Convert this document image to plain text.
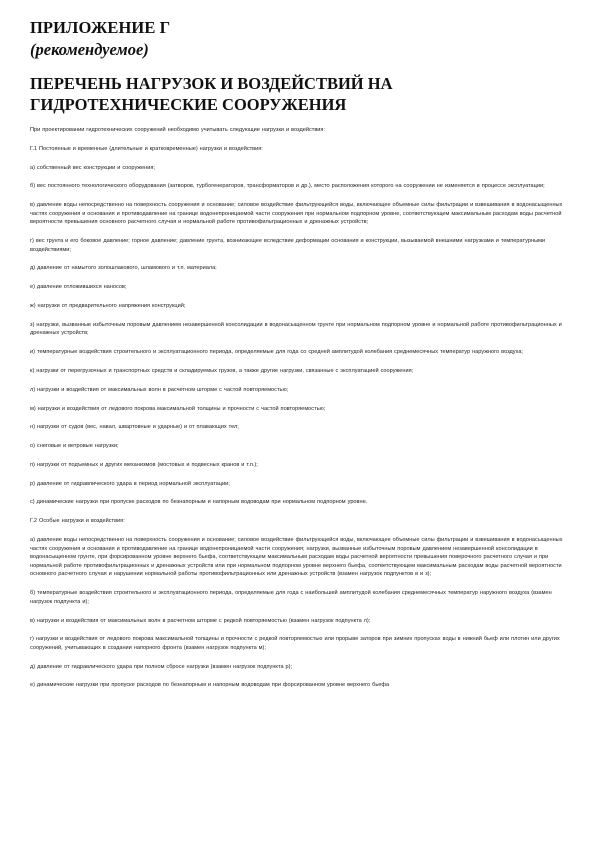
ПРИЛОЖЕНИЕ Г
(рекомендуемое)
ПЕРЕЧЕНЬ НАГРУЗОК И ВОЗДЕЙСТВИЙ НА ГИДРОТЕХНИЧЕСКИЕ СООРУЖЕНИЯ

При проектировании гидротехнических сооружений необходимо учитывать следующие нагрузки и воздействия:

Г.1 Постоянные и временные (длительные и кратковременные) нагрузки и воздействия:

а) собственный вес конструкции и сооружения;

б) вес постоянного технологического оборудования (затворов, турбогенераторов, трансформаторов и др.), место расположения которого на сооружении не изменяется в процессе эксплуатации;

в) давление воды непосредственно на поверхность сооружения и основание; силовое воздействие фильтрующейся воды, включающее объемные силы фильтрации и взвешивания в водонасыщенных частях сооружения и основания и противодавление на границе водонепроницаемой части сооружения при нормальном подпорном уровне, соответствующем максимальным расходам воды расчетной вероятности превышения основного расчетного случая и нормальной работе противофильтрационных и дренажных устройств;

г) вес грунта и его боковое давление; горное давление; давление грунта, возникающее вследствие деформации основания и конструкции, вызываемой внешними нагрузками и температурными воздействиями;

д) давление от намытого золошлакового, шламового и т.п. материала;

е) давление отложившихся наносов;

ж) нагрузки от предварительного напряжения конструкций;

з) нагрузки, вызванные избыточным поровым давлением незавершенной консолидации в водонасыщенном грунте при нормальном подпорном уровне и нормальной работе противофильтрационных и дренажных устройств;

и) температурные воздействия строительного и эксплуатационного периода, определяемые для года со средней амплитудой колебания среднемесячных температур наружного воздуха;

к) нагрузки от перегрузочных и транспортных средств и складируемых грузов, а также другие нагрузки, связанные с эксплуатацией сооружения;

л) нагрузки и воздействия от максимальных волн в расчетном штормe с частой повторяемостью;

м) нагрузки и воздействия от ледового покрова максимальной толщины и прочности с частой повторяемостью;

н) нагрузки от судов (вес, навал, швартовные и ударные) и от плавающих тел;

о) снеговые и ветровые нагрузки;

п) нагрузки от подъемных и других механизмов (мостовых и подвесных кранов и т.п.);

р) давление от гидравлического удара в период нормальной эксплуатации;

с) динамические нагрузки при пропуске расходов по безнапорным и напорным водоводам при нормальном подпорном уровне.

Г.2 Особые нагрузки и воздействия:

а) давление воды непосредственно на поверхность сооружения и основание; силовое воздействие фильтрующейся воды, включающее объемные силы фильтрации и взвешивания в водонасыщенных частях сооружения и основания и противодавление на границе водонепроницаемой части сооружения; нагрузки, вызванные избыточным поровым давлением незавершенной консолидации в водонасыщенном грунте, при форсированном уровне верхнего бьефа, соответствующем максимальным расходам воды расчетной вероятности превышения поверочного расчетного случая и при нормальной работе противофильтрационных и дренажных устройств или при нормальном подпорном уровне верхнего бьефа, соответствующем максимальным расходам воды расчетной вероятности основного расчетного случая и нарушении нормальной работы противофильтрационных или дренажных устройств (взамен нагрузок подпунктов в и з);

б) температурные воздействия строительного и эксплуатационного периода, определяемые для года с наибольшей амплитудой колебания среднемесячных температур наружного воздуха (взамен нагрузок подпункта и);

в) нагрузки и воздействия от максимальных волн в расчетном шторме с редкой повторяемостью (взамен нагрузок подпункта л);

г) нагрузки и воздействия от ледового покрова максимальной толщины и прочности с редкой повторяемостью или прорыве заторов при зимних пропусках воды в нижний бьеф или плотин или других сооружений, учитывающих в создании напорного фронта (взамен нагрузок подпункта м);

д) давление от гидравлического удара при полном сбросе нагрузки (взамен нагрузок подпункта р);

е) динамические нагрузки при пропуске расходов по безнапорным и напорным водоводам при форсированном уровне верхнего бьефа
